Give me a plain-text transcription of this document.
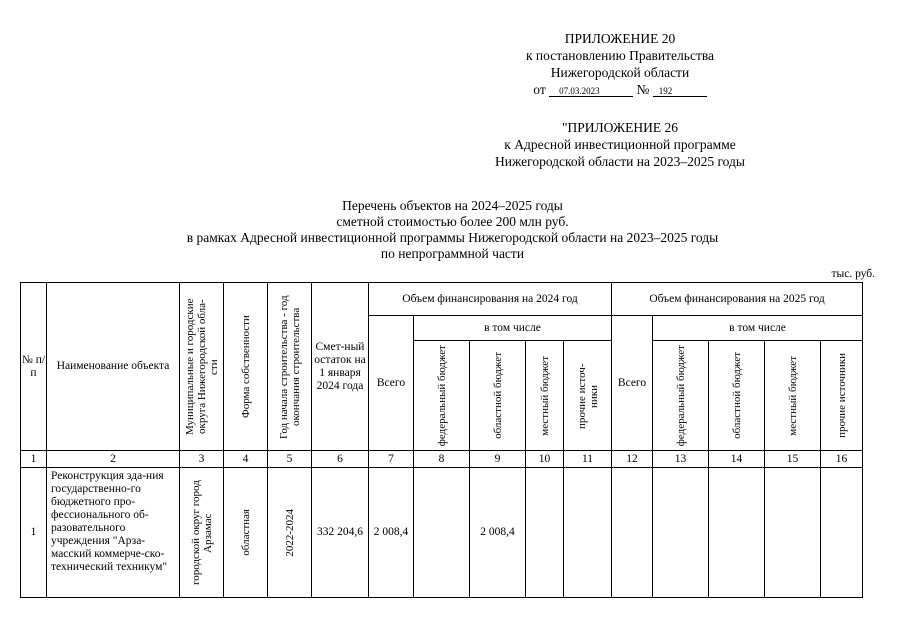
ПРИЛОЖЕНИЕ 20
к постановлению Правительства
Нижегородской области
от 07.03.2023	№ 192
"ПРИЛОЖЕНИЕ 26
к Адресной инвестиционной программе
Нижегородской области на 2023–2025 годы
Перечень объектов на 2024–2025 годы
сметной стоимостью более 200 млн руб.
в рамках Адресной инвестиционной программы Нижегородской области на 2023–2025 годы
по непрограммной части
тыс. руб.
№ п/п	Наименование объекта	Муниципальные и городские округа Нижегородской обла-сти	Форма собственности	Год начала строительства - год окончания строительства	Смет-ный остаток на 1 января 2024 года	Объем финансирования на 2024 год					Объем финансирования на 2025 год				
						Всего	в том числе				Всего	в том числе			

							федеральный бюджет	областной бюджет	местный бюджет	прочие источ-ники		федеральный бюджет	областной бюджет	местный бюджет	прочие источники

1	2	3	4	5	6	7	8	9	10	11	12	13	14	15	16
1	Реконструкция зда-ния государственно-го бюджетного про-фессионального об-разовательного учреждения "Арза-масский коммерче-ско-технический техникум"	городской округ город Арзамас	областная	2022-2024	332 204,6	2 008,4		2 008,4							
